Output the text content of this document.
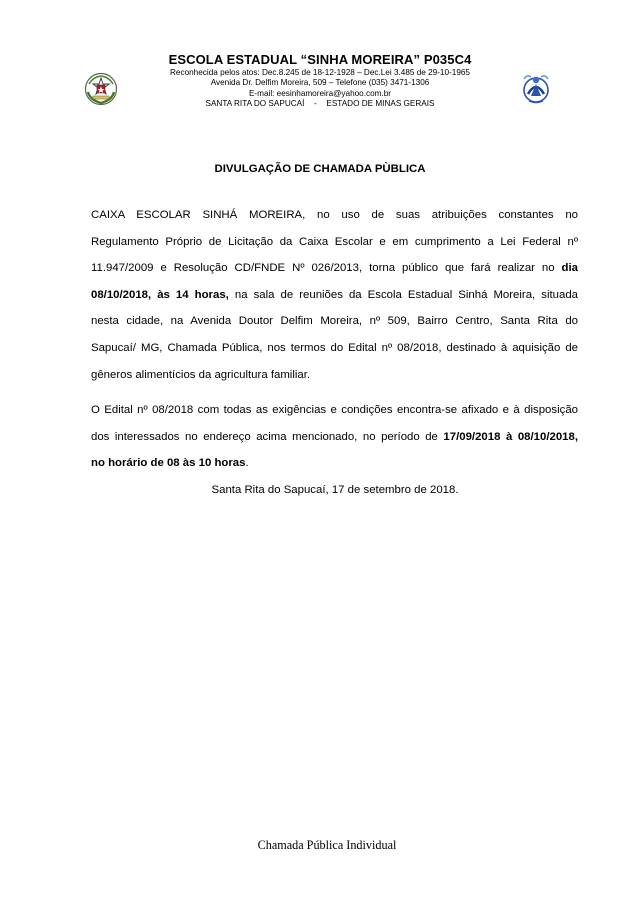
ESCOLA ESTADUAL “SINHA MOREIRA” P035C4
Reconhecida pelos atos: Dec.8.245 de 18-12-1928 – Dec.Lei 3.485 de 29-10-1965
Avenida Dr. Delfim Moreira, 509 – Telefone (035) 3471-1306
E-mail: eesinhamoreira@yahoo.com.br
SANTA RITA DO SAPUCAÍ - ESTADO DE MINAS GERAIS
DIVULGAÇÃO DE CHAMADA PÙBLICA
CAIXA ESCOLAR SINHÁ MOREIRA, no uso de suas atribuições constantes no
Regulamento Próprio de Licitação da Caixa Escolar e em cumprimento a Lei Federal nº
11.947/2009 e Resolução CD/FNDE Nº 026/2013, torna público que fará realizar no dia
08/10/2018, às 14 horas, na sala de reuniões da Escola Estadual Sinhá Moreira, situada
nesta cidade, na Avenida Doutor Delfim Moreira, nº 509, Bairro Centro, Santa Rita do
Sapucaí/ MG, Chamada Pública, nos termos do Edital nº 08/2018, destinado à aquisição de
gêneros alimentícios da agricultura familiar.
O Edital nº 08/2018 com todas as exigências e condições encontra-se afixado e à disposição
dos interessados no endereço acima mencionado, no período de 17/09/2018 à 08/10/2018,
no horário de 08 às 10 horas.
Santa Rita do Sapucaí, 17 de setembro de 2018.
Chamada Pública Individual
